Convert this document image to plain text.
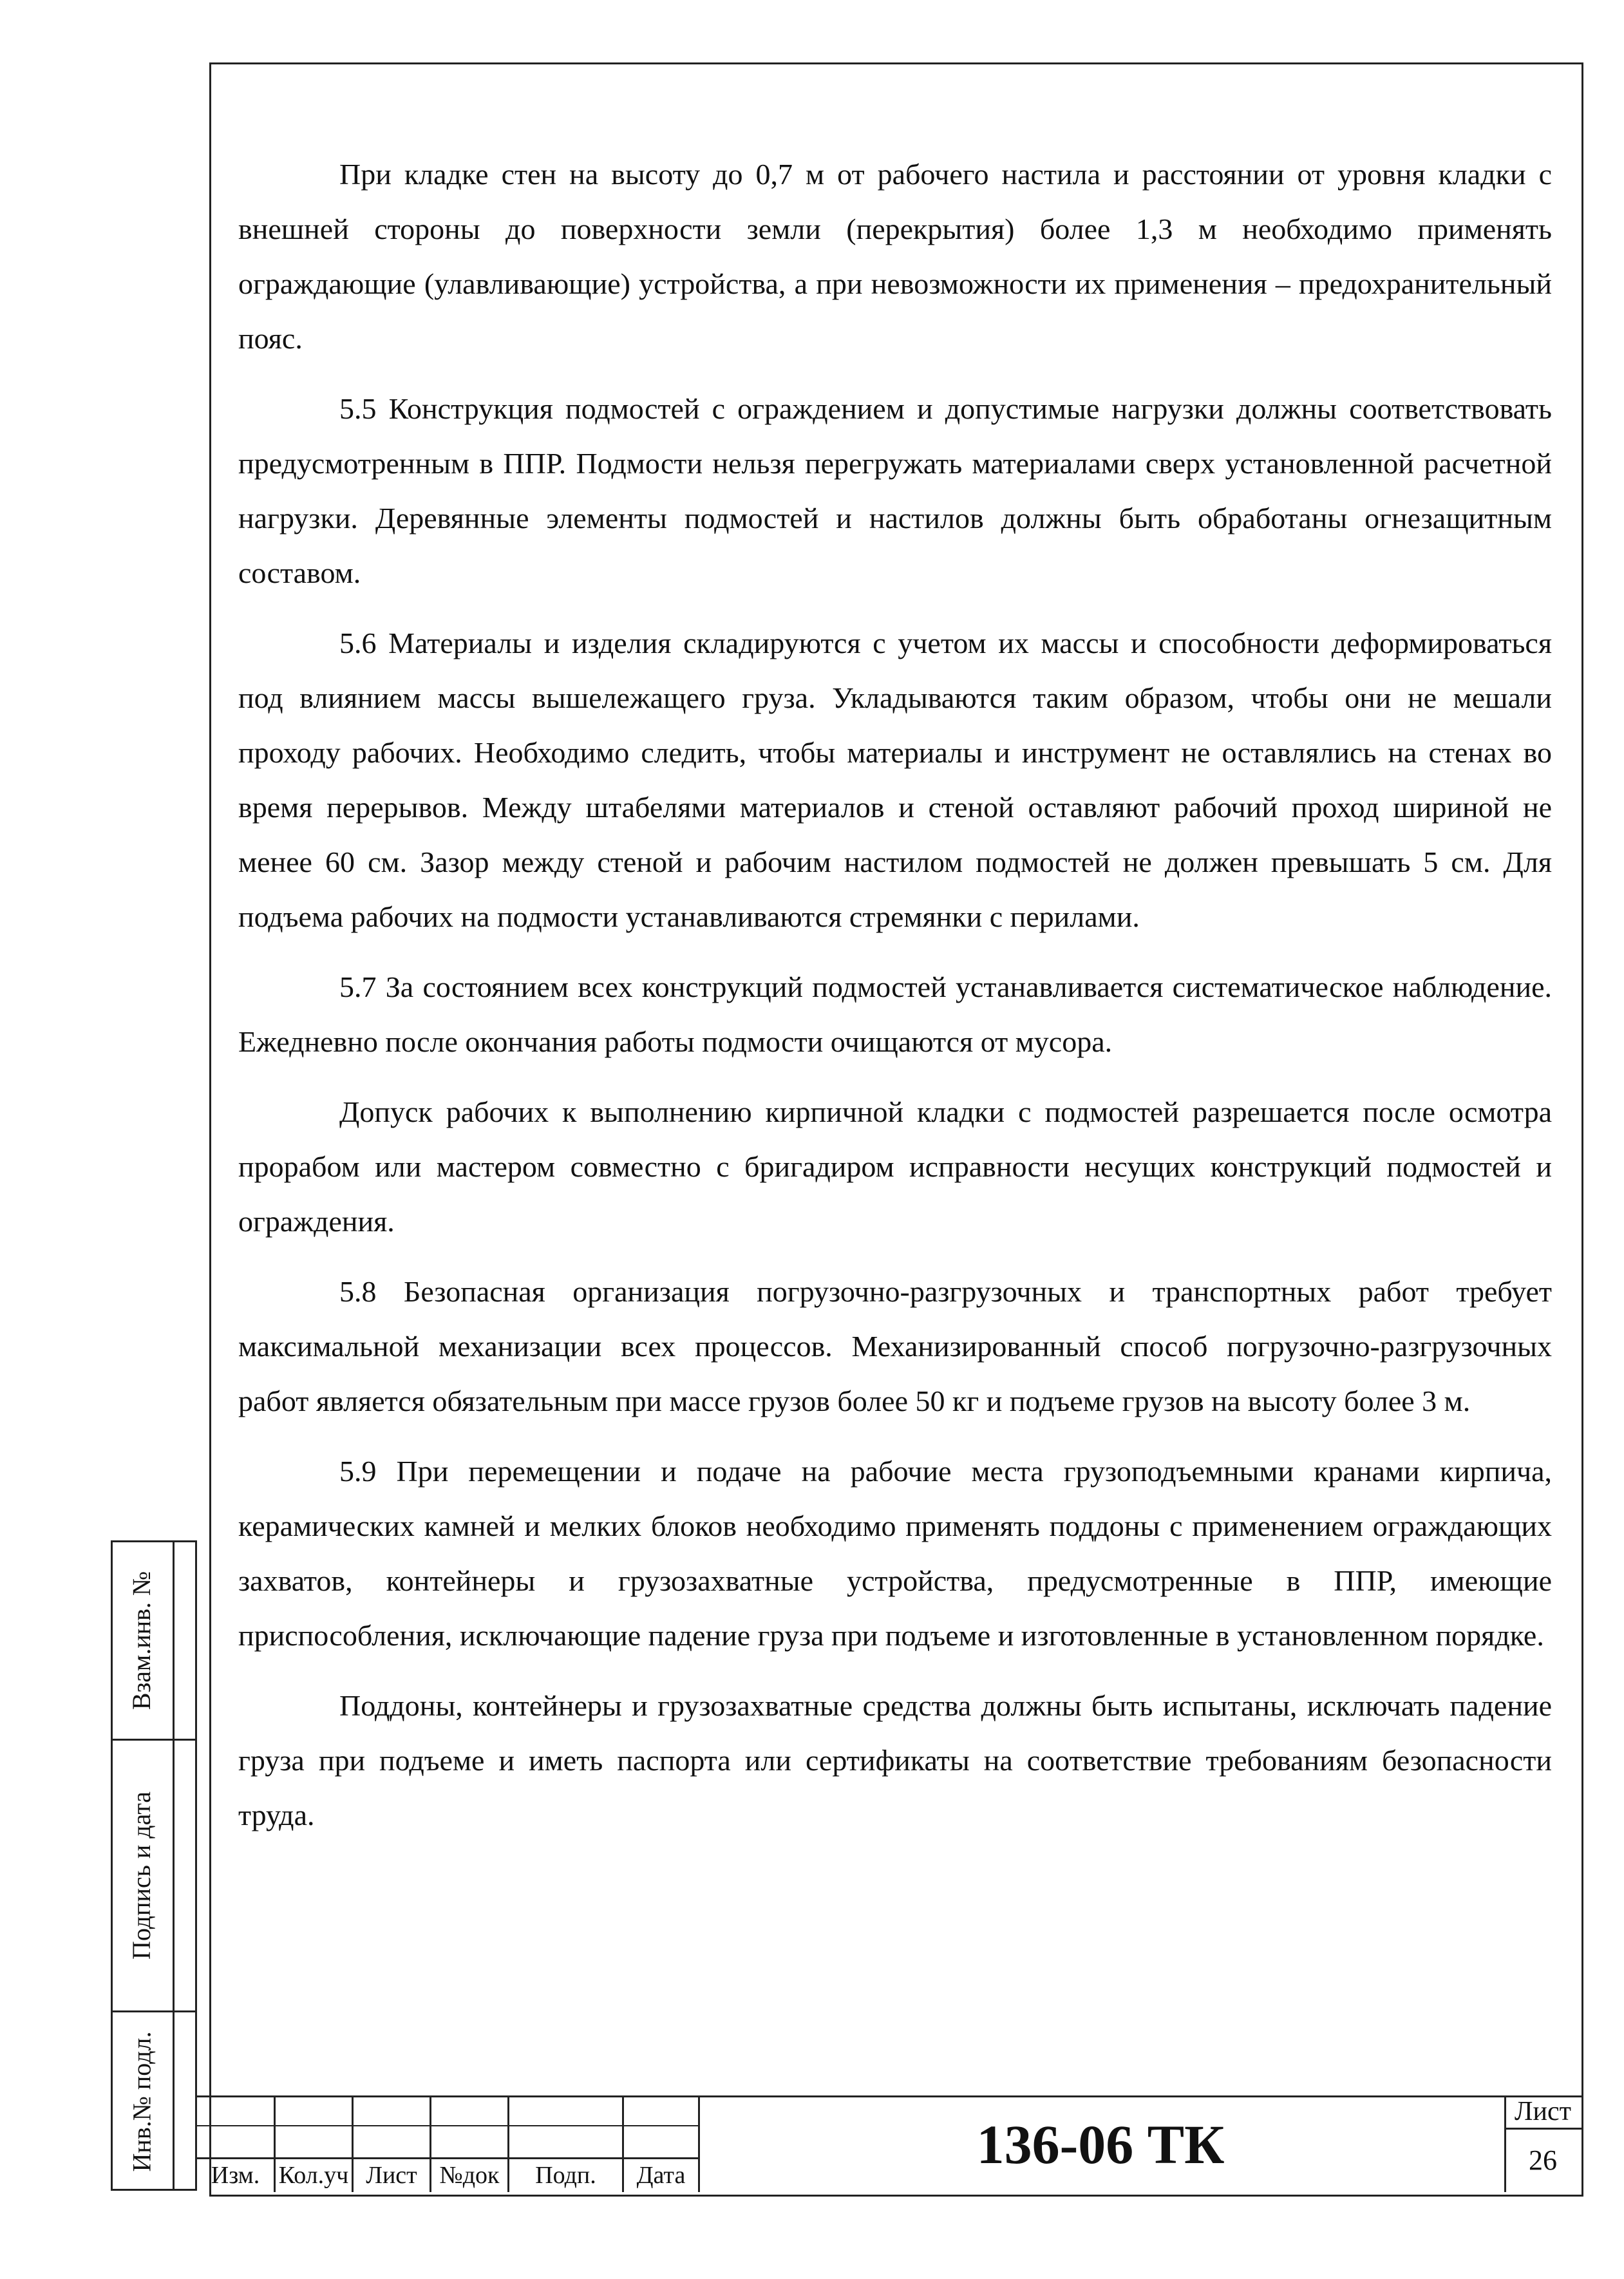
При кладке стен на высоту до 0,7 м от рабочего настила и расстоянии от уровня кладки с внешней стороны до поверхности земли (перекрытия) более 1,3 м необходимо применять ограждающие (улавливающие) устройства, а при невозможности их применения – предохранительный пояс.

5.5 Конструкция подмостей с ограждением и допустимые нагрузки должны соответствовать предусмотренным в ППР. Подмости нельзя перегружать материалами сверх установленной расчетной нагрузки. Деревянные элементы подмостей и настилов должны быть обработаны огнезащитным составом.

5.6 Материалы и изделия складируются с учетом их массы и способности деформироваться под влиянием массы вышележащего груза. Укладываются таким образом, чтобы они не мешали проходу рабочих. Необходимо следить, чтобы материалы и инструмент не оставлялись на стенах во время перерывов. Между штабелями материалов и стеной оставляют рабочий проход шириной не менее 60 см. Зазор между стеной и рабочим настилом подмостей не должен превышать 5 см. Для подъема рабочих на подмости устанавливаются стремянки с перилами.

5.7 За состоянием всех конструкций подмостей устанавливается систематическое наблюдение. Ежедневно после окончания работы подмости очищаются от мусора.

Допуск рабочих к выполнению кирпичной кладки с подмостей разрешается после осмотра прорабом или мастером совместно с бригадиром исправности несущих конструкций подмостей и ограждения.

5.8 Безопасная организация погрузочно-разгрузочных и транспортных работ требует максимальной механизации всех процессов. Механизированный способ погрузочно-разгрузочных работ является обязательным при массе грузов более 50 кг и подъеме грузов на высоту более 3 м.

5.9 При перемещении и подаче на рабочие места грузоподъемными кранами кирпича, керамических камней и мелких блоков необходимо применять поддоны с применением ограждающих захватов, контейнеры и грузозахватные устройства, предусмотренные в ППР, имеющие приспособления, исключающие падение груза при подъеме и изготовленные в установленном порядке.

Поддоны, контейнеры и грузозахватные средства должны быть испытаны, исключать падение груза при подъеме и иметь паспорта или сертификаты на соответствие требованиям безопасности труда.

Взам.инв. №
Подпись и дата
Инв.№ подл.
Изм. Кол.уч Лист №док	Подп.	Дата	136-06 ТК
Лист
26
